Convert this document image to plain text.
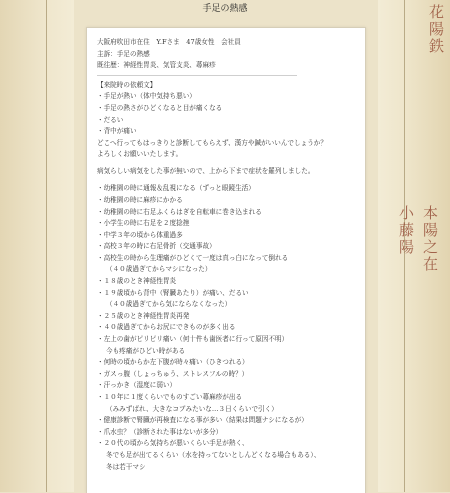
花陽鉄
小藤陽 本陽之在
手足の熱感
大阪府吹田市在住　Y.Fさま　47歳女性　会社員
主訴：手足の熱感
既往歴：神経性胃炎、気管支炎、蕁麻疹
【来院時の依頼文】
・手足が熱い（体中気持ち悪い）
・手足の熱さがひどくなると目が痛くなる
・だるい
・背中が痛い
どこへ行ってもはっきりと診断してもらえず、漢方や鍼がいいんでしょうか？
よろしくお願いいたします。
病気らしい病気をした事が無いので、上から下まで症状を羅列しました。
・幼稚園の時に通報＆乱視になる（ずっと眼鏡生活）
・幼稚園の時に麻疹にかかる
・幼稚園の時に右足ふくらはぎを自転車に巻き込まれる
・小学生の時に右足を２度捻挫
・中学３年の頃から体重過多
・高校３年の時に右足骨折（交通事故）
・高校生の時から生理痛がひどくて一度は真っ白になって倒れる
（４０歳過ぎてからマシになった）
・１８歳のとき神経性胃炎
・１９歳頃から背中（腎臓あたり）が痛い、だるい
（４０歳過ぎてから気にならなくなった）
・２５歳のとき神経性胃炎再発
・４０歳過ぎてからお尻にできものが多く出る
・左上の歯がピリピリ痛い（何十件も歯医者に行って原因不明）
今も疼痛がひどい時がある
・何時の頃からか左下腹が時々痛い（ひきつれる）
・ガスっ腹（しょっちゅう、ストレスフルの時？）
・汗っかき（湿度に弱い）
・１０年に１度くらいでものすごい蕁麻疹が出る
（みみずばれ、大きなコブみたいな…３日くらいで引く）
・健康診断で腎臓が再検査になる事が多い（結果は問題ナシになるが）
・爪水虫？（診断された事はないが多分）
・２０代の頃から気持ちが悪いくらい手足が熱く、
冬でも足が出てるくらい（水を持ってないとしんどくなる場合もある）、
冬は若干マシ
